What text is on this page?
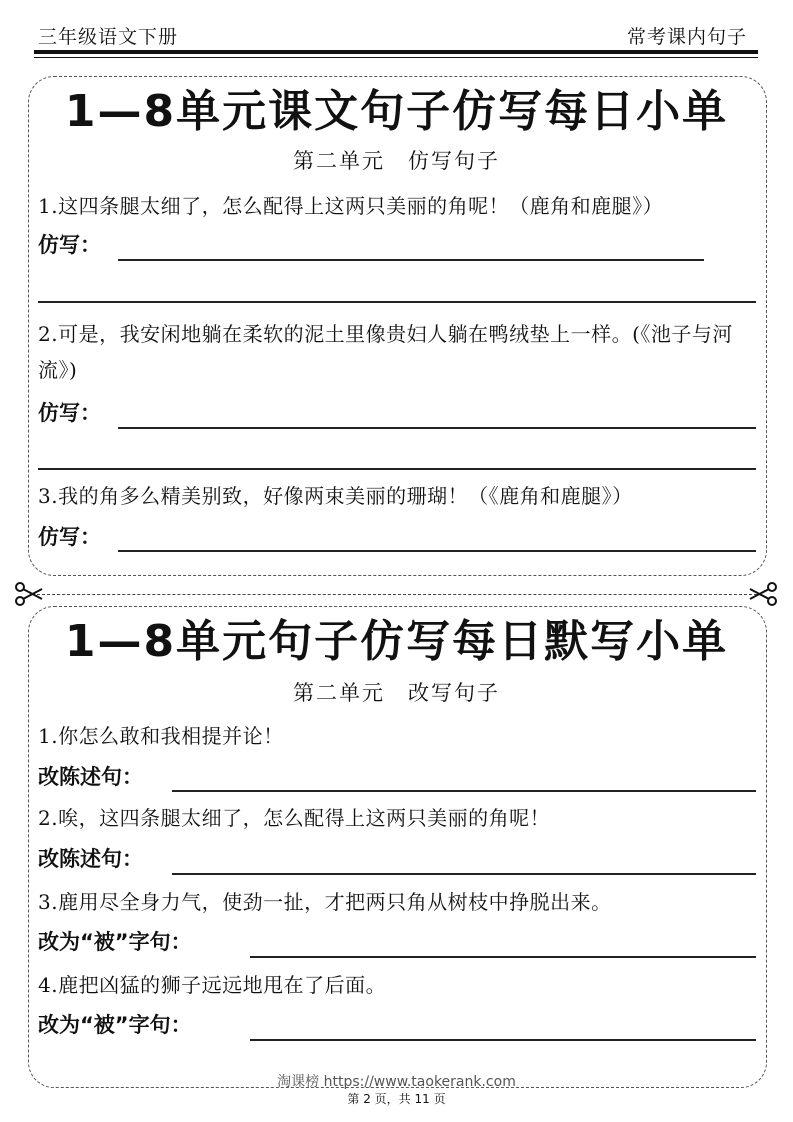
三年级语文下册	常考课内句子
1—8单元课文句子仿写每日小单
第二单元　仿写句子
1.这四条腿太细了，怎么配得上这两只美丽的角呢！（鹿角和鹿腿》）
仿写：
2.可是，我安闲地躺在柔软的泥土里像贵妇人躺在鸭绒垫上一样。(《池子与河流》)
仿写：
3.我的角多么精美别致，好像两束美丽的珊瑚！（《鹿角和鹿腿》）
仿写：
1—8单元句子仿写每日默写小单
第二单元　改写句子
1.你怎么敢和我相提并论！
改陈述句：
2.唉，这四条腿太细了，怎么配得上这两只美丽的角呢！
改陈述句：
3.鹿用尽全身力气，使劲一扯，才把两只角从树枝中挣脱出来。
改为“被”字句：
4.鹿把凶猛的狮子远远地甩在了后面。
改为“被”字句：
淘课榜 https://www.taokerank.com
第 2 页，共 11 页
